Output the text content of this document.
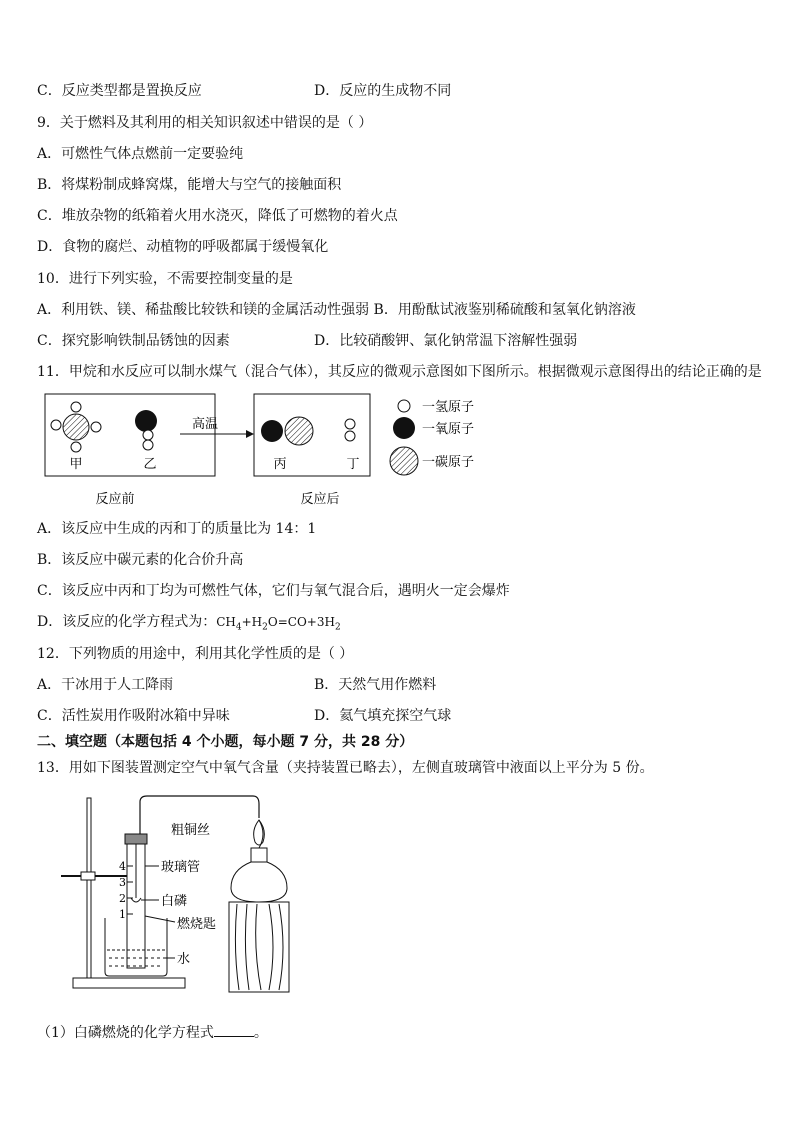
C．反应类型都是置换反应	D．反应的生成物不同
9．关于燃料及其利用的相关知识叙述中错误的是（ ）
A．可燃性气体点燃前一定要验纯
B．将煤粉制成蜂窝煤，能增大与空气的接触面积
C．堆放杂物的纸箱着火用水浇灭，降低了可燃物的着火点
D．食物的腐烂、动植物的呼吸都属于缓慢氧化
10．进行下列实验，不需要控制变量的是
A．利用铁、镁、稀盐酸比较铁和镁的金属活动性强弱 B．用酚酞试液鉴别稀硫酸和氢氧化钠溶液
C．探究影响铁制品锈蚀的因素	D．比较硝酸钾、氯化钠常温下溶解性强弱
11．甲烷和水反应可以制水煤气（混合气体），其反应的微观示意图如下图所示。根据微观示意图得出的结论正确的是
甲	乙
高温
丙	丁
一氢原子
一氧原子
一碳原子
反应前	反应后
A．该反应中生成的丙和丁的质量比为 14：1
B．该反应中碳元素的化合价升高
C．该反应中丙和丁均为可燃性气体，它们与氧气混合后，遇明火一定会爆炸
D．该反应的化学方程式为：$CH_4+H_2O=CO+3H_2$
12．下列物质的用途中，利用其化学性质的是（ ）
A．干冰用于人工降雨	B．天然气用作燃料
C．活性炭用作吸附冰箱中异味	D．氦气填充探空气球
二、填空题（本题包括 4 个小题，每小题 7 分，共 28 分）
13．用如下图装置测定空气中氧气含量（夹持装置已略去），左侧直玻璃管中液面以上平分为 5 份。
4
3
2
1
玻璃管
白磷
燃烧匙
水
粗铜丝
（1）白磷燃烧的化学方程式	。
